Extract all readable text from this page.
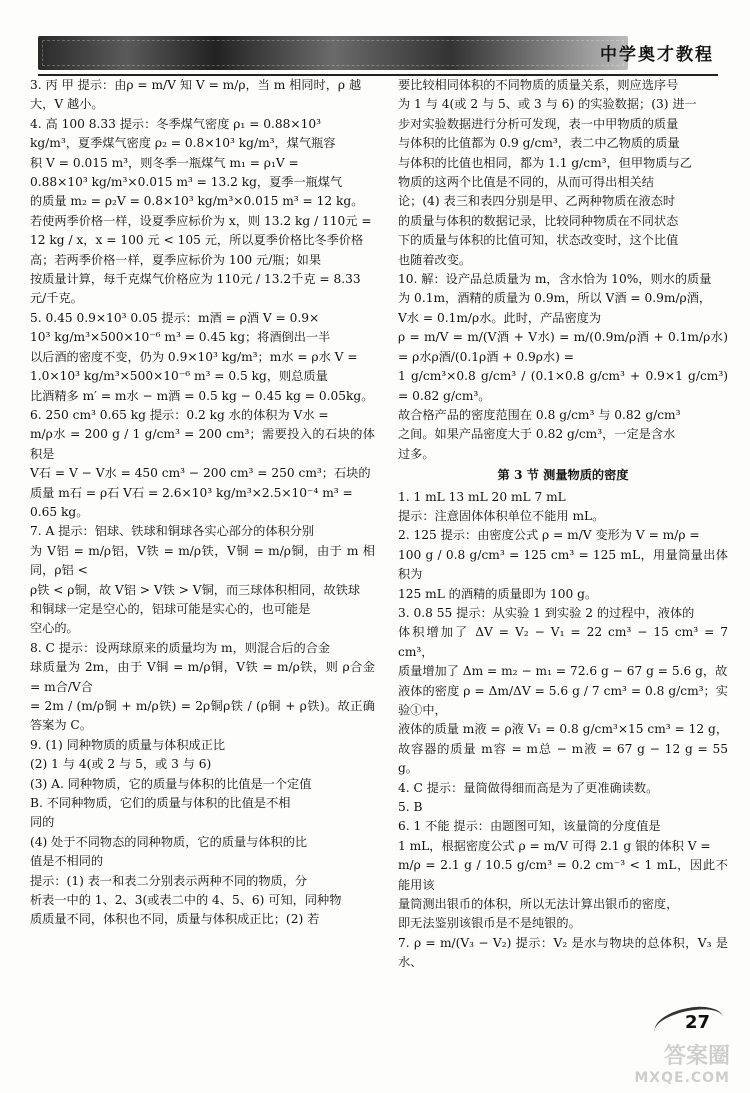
中学奥才教程

3. 丙 甲 提示：由ρ = m/V 知 V = m/ρ，当 m 相同时，ρ 越

大，V 越小。

4. 高 100 8.33 提示：冬季煤气密度 ρ₁ = 0.88×10³

kg/m³，夏季煤气密度 ρ₂ = 0.8×10³ kg/m³，煤气瓶容

积 V = 0.015 m³，则冬季一瓶煤气 m₁ = ρ₁V =

0.88×10³ kg/m³×0.015 m³ = 13.2 kg，夏季一瓶煤气

的质量 m₂ = ρ₂V = 0.8×10³ kg/m³×0.015 m³ = 12 kg。

若使两季价格一样，设夏季应标价为 x，则 13.2 kg / 110元 =

12 kg / x，x = 100 元 < 105 元，所以夏季价格比冬季价格

高；若两季价格一样，夏季应标价为 100 元/瓶；如果

按质量计算，每千克煤气价格应为 110元 / 13.2千克 = 8.33

元/千克。

5. 0.45 0.9×10³ 0.05 提示：m酒 = ρ酒 V = 0.9×

10³ kg/m³×500×10⁻⁶ m³ = 0.45 kg；将酒倒出一半

以后酒的密度不变，仍为 0.9×10³ kg/m³；m水 = ρ水 V =

1.0×10³ kg/m³×500×10⁻⁶ m³ = 0.5 kg，则总质量

比酒精多 m′ = m水 − m酒 = 0.5 kg − 0.45 kg = 0.05kg。

6. 250 cm³ 0.65 kg 提示：0.2 kg 水的体积为 V水 =

m/ρ水 = 200 g / 1 g/cm³ = 200 cm³；需要投入的石块的体积是

V石 = V − V水 = 450 cm³ − 200 cm³ = 250 cm³；石块的

质量 m石 = ρ石 V石 = 2.6×10³ kg/m³×2.5×10⁻⁴ m³ =

0.65 kg。

7. A 提示：铝球、铁球和铜球各实心部分的体积分别

为 V铝 = m/ρ铝，V铁 = m/ρ铁，V铜 = m/ρ铜，由于 m 相同，ρ铝 <

ρ铁 < ρ铜，故 V铝 > V铁 > V铜，而三球体积相同，故铁球

和铜球一定是空心的，铝球可能是实心的，也可能是

空心的。

8. C 提示：设两球原来的质量均为 m，则混合后的合金

球质量为 2m，由于 V铜 = m/ρ铜，V铁 = m/ρ铁，则 ρ合金 = m合/V合

= 2m / (m/ρ铜 + m/ρ铁) = 2ρ铜ρ铁 / (ρ铜 + ρ铁)。故正确答案为 C。

9. (1) 同种物质的质量与体积成正比

(2) 1 与 4(或 2 与 5，或 3 与 6)

(3) A. 同种物质，它的质量与体积的比值是一个定值

B. 不同种物质，它们的质量与体积的比值是不相

同的

(4) 处于不同物态的同种物质，它的质量与体积的比

值是不相同的

提示：(1) 表一和表二分别表示两种不同的物质，分

析表一中的 1、2、3(或表二中的 4、5、6) 可知，同种物

质质量不同，体积也不同，质量与体积成正比；(2) 若

要比较相同体积的不同物质的质量关系，则应选序号

为 1 与 4(或 2 与 5、或 3 与 6) 的实验数据；(3) 进一

步对实验数据进行分析可发现，表一中甲物质的质量

与体积的比值都为 0.9 g/cm³，表二中乙物质的质量

与体积的比值也相同，都为 1.1 g/cm³，但甲物质与乙

物质的这两个比值是不同的，从而可得出相关结

论；(4) 表三和表四分别是甲、乙两种物质在液态时

的质量与体积的数据记录，比较同种物质在不同状态

下的质量与体积的比值可知，状态改变时，这个比值

也随着改变。

10. 解：设产品总质量为 m，含水恰为 10%，则水的质量

为 0.1m，酒精的质量为 0.9m，所以 V酒 = 0.9m/ρ酒，

V水 = 0.1m/ρ水。此时，产品密度为

ρ = m/V = m/(V酒 + V水) = m/(0.9m/ρ酒 + 0.1m/ρ水) = ρ水ρ酒/(0.1ρ酒 + 0.9ρ水) =

1 g/cm³×0.8 g/cm³ / (0.1×0.8 g/cm³ + 0.9×1 g/cm³) = 0.82 g/cm³。

故合格产品的密度范围在 0.8 g/cm³ 与 0.82 g/cm³

之间。如果产品密度大于 0.82 g/cm³，一定是含水

过多。

第 3 节 测量物质的密度

1. 1 mL 13 mL 20 mL 7 mL

提示：注意固体体积单位不能用 mL。

2. 125 提示：由密度公式 ρ = m/V 变形为 V = m/ρ =

100 g / 0.8 g/cm³ = 125 cm³ = 125 mL，用量筒量出体积为

125 mL 的酒精的质量即为 100 g。

3. 0.8 55 提示：从实验 1 到实验 2 的过程中，液体的

体积增加了 ΔV = V₂ − V₁ = 22 cm³ − 15 cm³ = 7 cm³，

质量增加了 Δm = m₂ − m₁ = 72.6 g − 67 g = 5.6 g，故

液体的密度 ρ = Δm/ΔV = 5.6 g / 7 cm³ = 0.8 g/cm³；实验①中，

液体的质量 m液 = ρ液 V₁ = 0.8 g/cm³×15 cm³ = 12 g，

故容器的质量 m容 = m总 − m液 = 67 g − 12 g = 55 g。

4. C 提示：量筒做得细而高是为了更准确读数。

5. B

6. 1 不能 提示：由题图可知，该量筒的分度值是

1 mL，根据密度公式 ρ = m/V 可得 2.1 g 银的体积 V =

m/ρ = 2.1 g / 10.5 g/cm³ = 0.2 cm⁻³ < 1 mL，因此不能用该

量筒测出银币的体积，所以无法计算出银币的密度，

即无法鉴别该银币是不是纯银的。

7. ρ = m/(V₃ − V₂) 提示：V₂ 是水与物块的总体积，V₃ 是水、

27
答案圈
MXQE.COM
